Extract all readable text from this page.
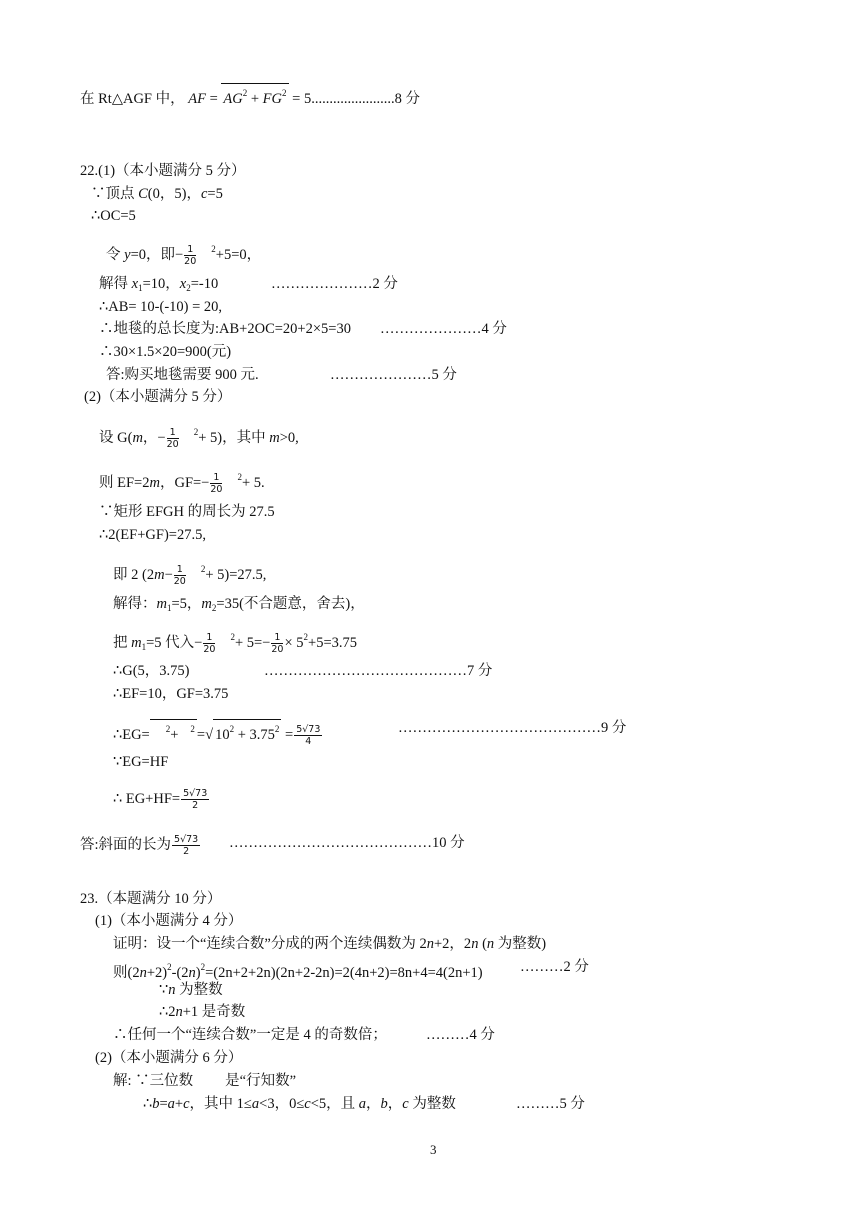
在 Rt△AGF 中， AF = $AG^2 + FG^2 = 5.......................8$ 分
22.(1)（本小题满分 5 分）
∵顶点 C(0，5)，c=5
∴OC=5
令 y=0，即− $\frac{1}{20} ^2+5=0$，
解得 $x_1=10$，$x_2=-10$	…………………2 分
∴AB= 10-(-10) = 20,
∴地毯的总长度为:AB+2OC=20+2×5=30 …………………4 分
∴30×1.5×20=900(元)
答:购买地毯需要 900 元.	…………………5 分
(2)（本小题满分 5 分）
设 G(m，− $\frac{1}{20} ^2+ 5$)，其中 m>0,
则 EF=2m，$GF=- \frac{1}{20} ^2+ 5$.
∵矩形 EFGH 的周长为 27.5
∴2(EF+GF)=27.5,
即 2 $(2m- \frac{1}{20} ^2+ 5)=27.5$,
解得：$m_1=5$，$m_2=35$(不合题意，舍去)，
把 $m_1=5$ 代入− $\frac{1}{20} ^2+ 5=- \frac{1}{20} \times 5^2+5=3.75$
∴G(5，3.75)	……………………………………7 分
∴EF=10，GF=3.75
∴EG= $^2$+ $^2$ =√ $10^2 + 3.75^2 = \frac{5√73}{4}$	……………………………………9 分
∵EG=HF
∴ $EG+HF= \frac{5√73}{2}$
答:斜面的长为 $\frac{5√73}{2}$ ……………………………………10 分
23.（本题满分 10 分）
(1)（本小题满分 4 分）
证明：设一个“连续合数”分成的两个连续偶数为 2n+2，2n (n 为整数)
则$(2n+2)^2-(2n)^2=(2n+2+2n)(2n+2-2n)=2(4n+2)=8n+4=4(2n+1)$	………2 分
∵n 为整数
∴2n+1 是奇数
∴任何一个“连续合数”一定是 4 的奇数倍；	………4 分
(2)（本小题满分 6 分）
解: ∵三位数 是“行知数”
∴b=a+c，其中 1≤a<3，0≤c<5，且 a，b，c 为整数	………5 分
3
